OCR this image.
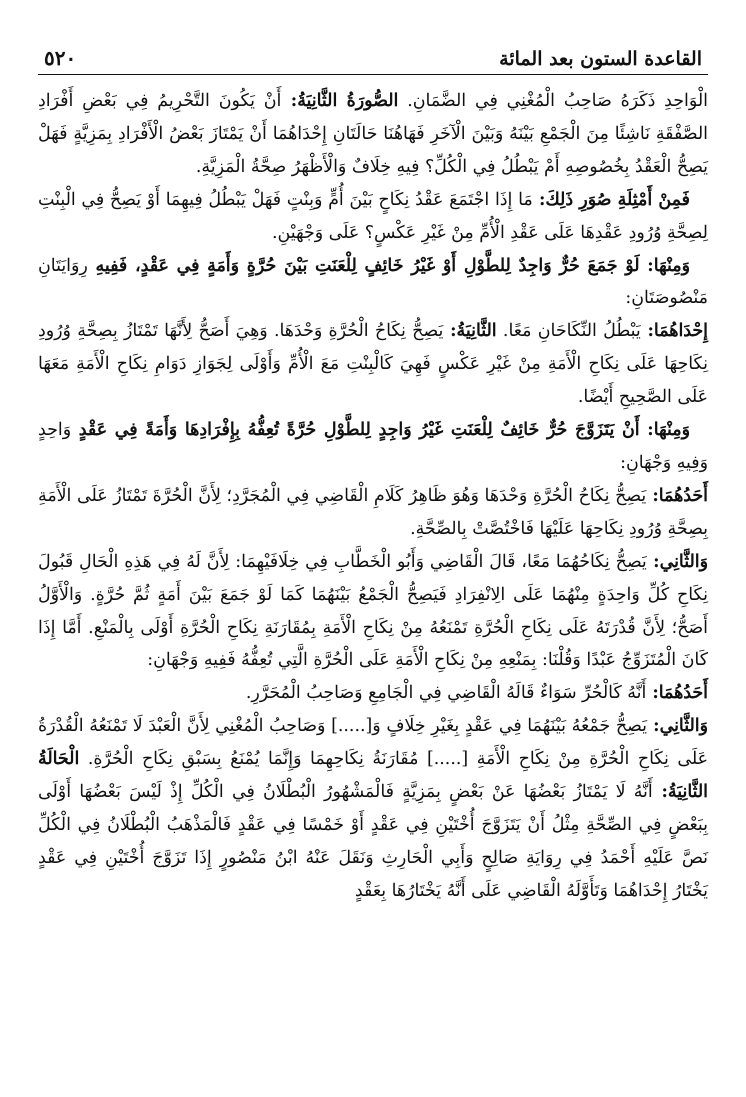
القاعدة الستون بعد المائة
٥٢٠

الْوَاحِدِ ذَكَرَهُ صَاحِبُ الْمُغْنِي فِي الضَّمَانِ. الصُّورَةُ الثَّانِيَةُ: أَنْ يَكُونَ التَّحْرِيمُ فِي بَعْضِ أَفْرَادِ الصَّفْقَةِ نَاشِئًا مِنَ الْجَمْعِ بَيْنَهُ وَبَيْنَ الْآخَرِ فَهَاهُنَا حَالَتَانِ إِحْدَاهُمَا أَنْ يَمْتَازَ بَعْضُ الْأَفْرَادِ بِمَزِيَّةٍ فَهَلْ يَصِحُّ الْعَقْدُ بِخُصُوصِهِ أَمْ يَبْطُلُ فِي الْكُلِّ؟ فِيهِ خِلَافٌ وَالْأَظْهَرُ صِحَّةُ الْمَزِيَّةِ.

فَمِنْ أَمْثِلَةِ صُوَرِ ذَلِكَ: مَا إِذَا اجْتَمَعَ عَقْدُ نِكَاحٍ بَيْنَ أُمٍّ وَبِنْتٍ فَهَلْ يَبْطُلُ فِيهِمَا أَوْ يَصِحُّ فِي الْبِنْتِ لِصِحَّةِ وُرُودِ عَقْدِهَا عَلَى عَقْدِ الْأُمِّ مِنْ غَيْرِ عَكْسٍ؟ عَلَى وَجْهَيْنِ.

وَمِنْهَا: لَوْ جَمَعَ حُرٌّ وَاجِدٌ لِلطَّوْلِ أَوْ غَيْرُ خَائِفٍ لِلْعَنَتِ بَيْنَ حُرَّةٍ وَأَمَةٍ فِي عَقْدٍ، فَفِيهِ رِوَايَتَانِ مَنْصُوصَتَانِ:

إِحْدَاهُمَا: يَبْطُلُ النِّكَاحَانِ مَعًا. الثَّانِيَةُ: يَصِحُّ نِكَاحُ الْحُرَّةِ وَحْدَهَا. وَهِيَ أَصَحُّ لِأَنَّهَا تَمْتَازُ بِصِحَّةِ وُرُودِ نِكَاحِهَا عَلَى نِكَاحِ الْأَمَةِ مِنْ غَيْرِ عَكْسٍ فَهِيَ كَالْبِنْتِ مَعَ الْأُمِّ وَأَوْلَى لِجَوَازِ دَوَامِ نِكَاحِ الْأَمَةِ مَعَهَا عَلَى الصَّحِيحِ أَيْضًا.

وَمِنْهَا: أَنْ يَتَزَوَّجَ حُرٌّ خَائِفٌ لِلْعَنَتِ غَيْرُ وَاجِدٍ لِلطَّوْلِ حُرَّةً تُعِفُّهُ بِإِفْرَادِهَا وَأَمَةً فِي عَقْدٍ وَاحِدٍ وَفِيهِ وَجْهَانِ:

أَحَدُهُمَا: يَصِحُّ نِكَاحُ الْحُرَّةِ وَحْدَهَا وَهُوَ ظَاهِرُ كَلَامِ الْقَاضِي فِي الْمُجَرَّدِ؛ لِأَنَّ الْحُرَّةَ تَمْتَازُ عَلَى الْأَمَةِ بِصِحَّةِ وُرُودِ نِكَاحِهَا عَلَيْهَا فَاخْتُصَّتْ بِالصِّحَّةِ.

وَالثَّانِي: يَصِحُّ نِكَاحُهُمَا مَعًا، قَالَ الْقَاضِي وَأَبُو الْخَطَّابِ فِي خِلَافَيْهِمَا: لِأَنَّ لَهُ فِي هَذِهِ الْحَالِ قَبُولَ نِكَاحِ كُلِّ وَاحِدَةٍ مِنْهُمَا عَلَى الِانْفِرَادِ فَيَصِحُّ الْجَمْعُ بَيْنَهُمَا كَمَا لَوْ جَمَعَ بَيْنَ أَمَةٍ ثُمَّ حُرَّةٍ. وَالْأَوَّلُ أَصَحُّ؛ لِأَنَّ قُدْرَتَهُ عَلَى نِكَاحِ الْحُرَّةِ تَمْنَعُهُ مِنْ نِكَاحِ الْأَمَةِ بِمُقَارَنَةِ نِكَاحِ الْحُرَّةِ أَوْلَى بِالْمَنْعِ. أَمَّا إِذَا كَانَ الْمُتَزَوِّجُ عَبْدًا وَقُلْنَا: بِمَنْعِهِ مِنْ نِكَاحِ الْأَمَةِ عَلَى الْحُرَّةِ الَّتِي تُعِفُّهُ فَفِيهِ وَجْهَانِ:

أَحَدُهُمَا: أَنَّهُ كَالْحُرِّ سَوَاءٌ قَالَهُ الْقَاضِي فِي الْجَامِعِ وَصَاحِبُ الْمُحَرَّرِ.

وَالثَّانِي: يَصِحُّ جَمْعُهُ بَيْنَهُمَا فِي عَقْدٍ بِغَيْرِ خِلَافٍ وَ[.....] وَصَاحِبُ الْمُغْنِي لِأَنَّ الْعَبْدَ لَا تَمْنَعُهُ الْقُدْرَةُ عَلَى نِكَاحِ الْحُرَّةِ مِنْ نِكَاحِ الْأَمَةِ [.....] مُقَارَنَةُ نِكَاحِهِمَا وَإِنَّمَا يُمْنَعُ بِسَبْقِ نِكَاحِ الْحُرَّةِ. الْحَالَةُ الثَّانِيَةُ: أَنَّهُ لَا يَمْتَازُ بَعْضُهَا عَنْ بَعْضٍ بِمَزِيَّةٍ فَالْمَشْهُورُ الْبُطْلَانُ فِي الْكُلِّ إِذْ لَيْسَ بَعْضُهَا أَوْلَى بِبَعْضٍ فِي الصِّحَّةِ مِثْلُ أَنْ يَتَزَوَّجَ أُخْتَيْنِ فِي عَقْدٍ أَوْ خَمْسًا فِي عَقْدٍ فَالْمَذْهَبُ الْبُطْلَانُ فِي الْكُلِّ نَصَّ عَلَيْهِ أَحْمَدُ فِي رِوَايَةِ صَالِحٍ وَأَبِي الْحَارِثِ وَنَقَلَ عَنْهُ ابْنُ مَنْصُورٍ إِذَا تَزَوَّجَ أُخْتَيْنِ فِي عَقْدٍ يَخْتَارُ إِحْدَاهُمَا وَتَأَوَّلَهُ الْقَاضِي عَلَى أَنَّهُ يَخْتَارُهَا بِعَقْدٍ
